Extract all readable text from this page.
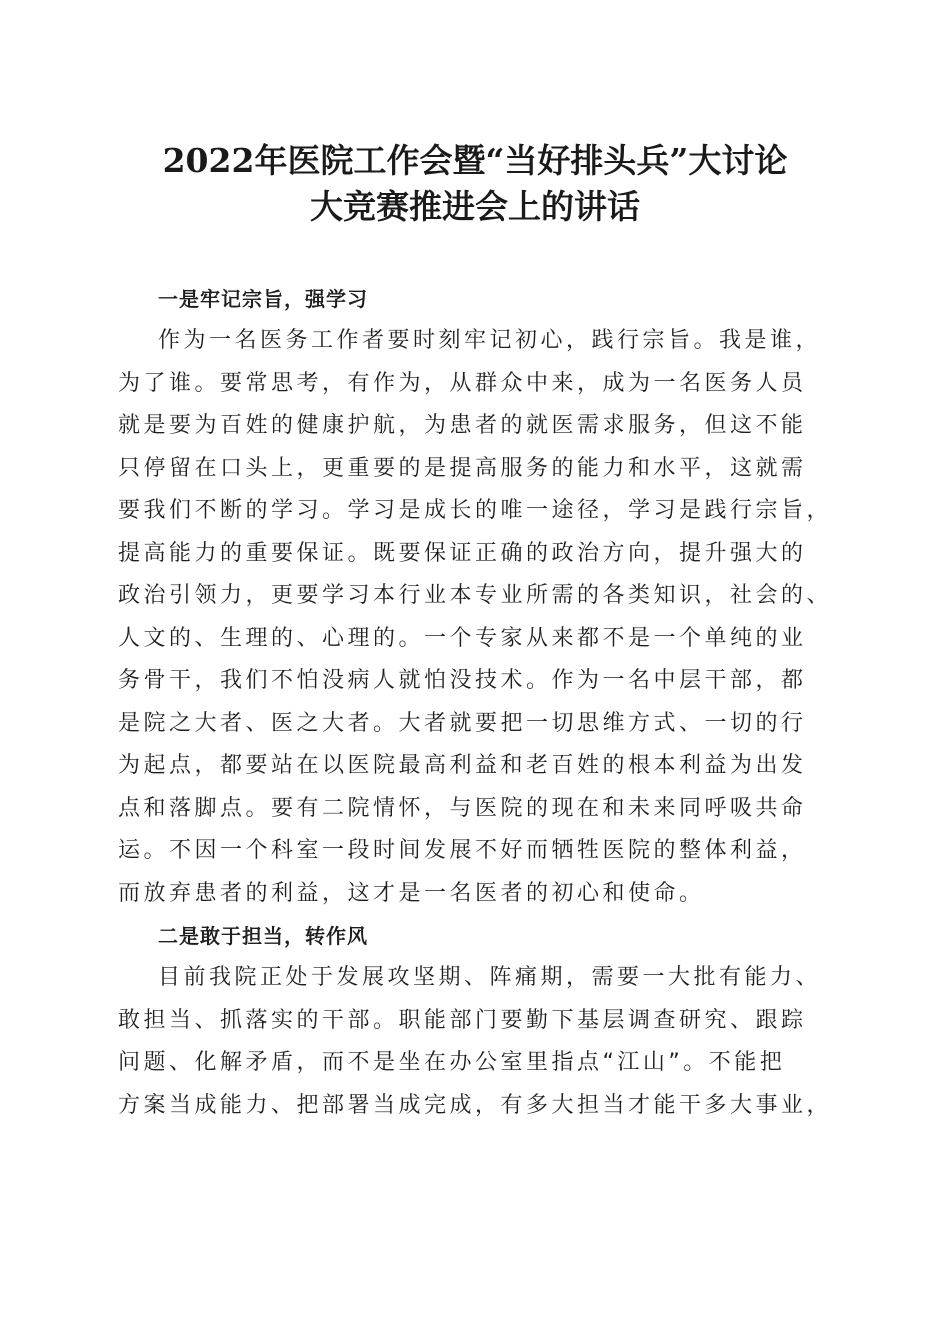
2022年医院工作会暨“当好排头兵”大讨论
大竞赛推进会上的讲话

一是牢记宗旨，强学习

作为一名医务工作者要时刻牢记初心，践行宗旨。我是谁，

为了谁。要常思考，有作为，从群众中来，成为一名医务人员

就是要为百姓的健康护航，为患者的就医需求服务，但这不能

只停留在口头上，更重要的是提高服务的能力和水平，这就需

要我们不断的学习。学习是成长的唯一途径，学习是践行宗旨，

提高能力的重要保证。既要保证正确的政治方向，提升强大的

政治引领力，更要学习本行业本专业所需的各类知识，社会的、

人文的、生理的、心理的。一个专家从来都不是一个单纯的业

务骨干，我们不怕没病人就怕没技术。作为一名中层干部，都

是院之大者、医之大者。大者就要把一切思维方式、一切的行

为起点，都要站在以医院最高利益和老百姓的根本利益为出发

点和落脚点。要有二院情怀，与医院的现在和未来同呼吸共命

运。不因一个科室一段时间发展不好而牺牲医院的整体利益，

而放弃患者的利益，这才是一名医者的初心和使命。

二是敢于担当，转作风

目前我院正处于发展攻坚期、阵痛期，需要一大批有能力、

敢担当、抓落实的干部。职能部门要勤下基层调查研究、跟踪

问题、化解矛盾，而不是坐在办公室里指点“江山”。不能把

方案当成能力、把部署当成完成，有多大担当才能干多大事业，
